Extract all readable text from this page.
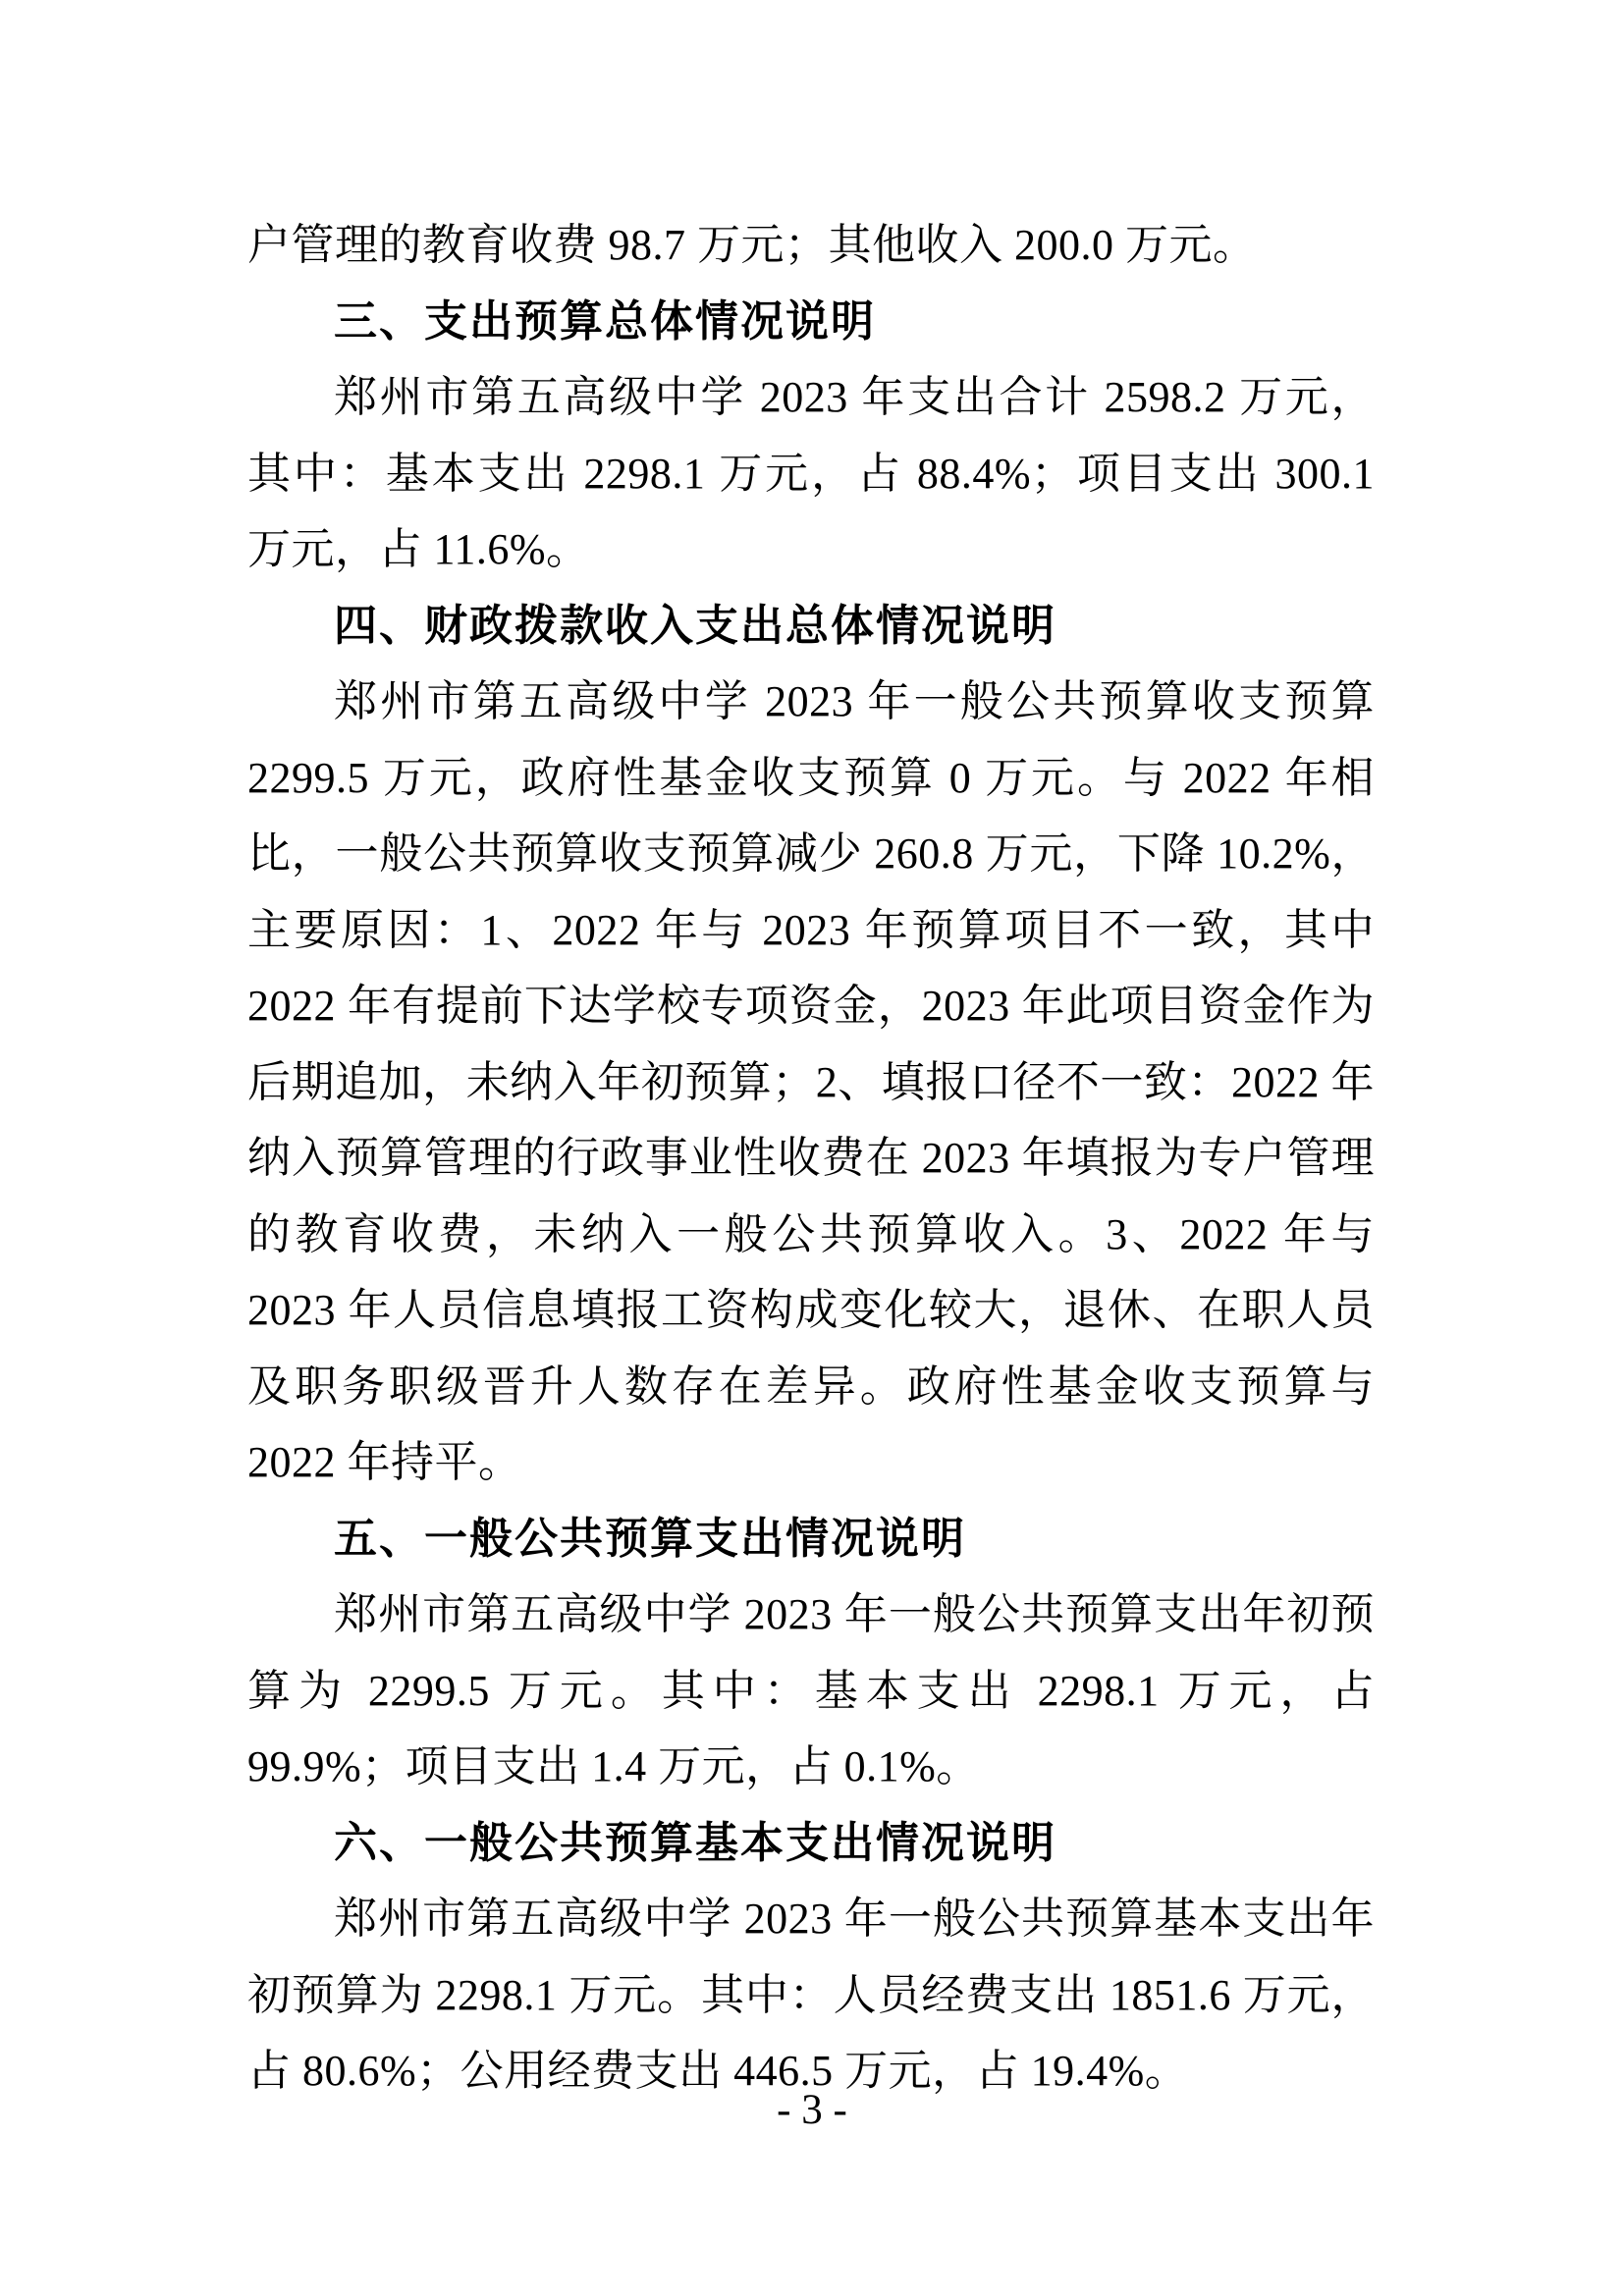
户管理的教育收费 98.7 万元；其他收入 200.0 万元。
三、支出预算总体情况说明
郑州市第五高级中学 2023 年支出合计 2598.2 万元，其中：基本支出 2298.1 万元，占 88.4%；项目支出 300.1 万元，占 11.6%。
四、财政拨款收入支出总体情况说明
郑州市第五高级中学 2023 年一般公共预算收支预算 2299.5 万元，政府性基金收支预算 0 万元。与 2022 年相比，一般公共预算收支预算减少 260.8 万元，下降 10.2%，主要原因：1、2022 年与 2023 年预算项目不一致，其中 2022 年有提前下达学校专项资金，2023 年此项目资金作为后期追加，未纳入年初预算；2、填报口径不一致：2022 年纳入预算管理的行政事业性收费在 2023 年填报为专户管理的教育收费，未纳入一般公共预算收入。3、2022 年与 2023 年人员信息填报工资构成变化较大，退休、在职人员及职务职级晋升人数存在差异。政府性基金收支预算与 2022 年持平。
五、一般公共预算支出情况说明
郑州市第五高级中学 2023 年一般公共预算支出年初预算为 2299.5 万元。其中：基本支出 2298.1 万元，占 99.9%；项目支出 1.4 万元，占 0.1%。
六、一般公共预算基本支出情况说明
郑州市第五高级中学 2023 年一般公共预算基本支出年初预算为 2298.1 万元。其中：人员经费支出 1851.6 万元，占 80.6%；公用经费支出 446.5 万元，占 19.4%。
- 3 -
